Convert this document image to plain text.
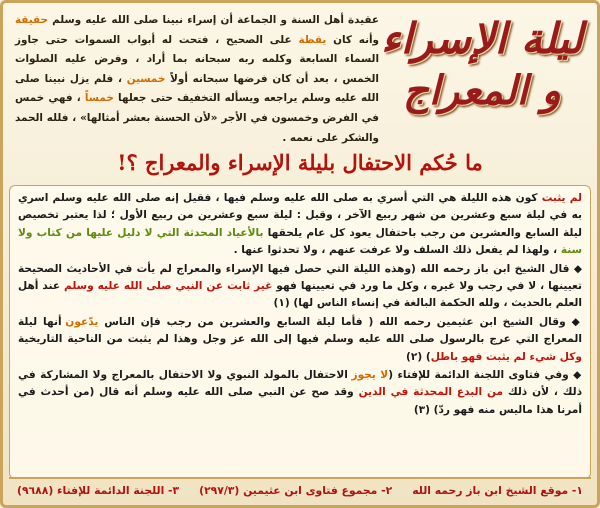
ليلة الإسراء
و المعراج
عقيدة أهل السنة و الجماعة أن إسراء نبينا صلى الله عليه وسلم حقيقة وأنه كان يقظة على الصحيح ، فتحت له أبواب السموات حتى جاوز السماء السابعة وكلمه ربه سبحانه بما أراد ، وفرض عليه الصلوات الخمس ، بعد أن كان فرضها سبحانه أولاً خمسين ، فلم يزل نبينا صلى الله عليه وسلم يراجعه ويسأله التخفيف حتى جعلها خمساً ، فهي خمس في الفرض وخمسون في الأجر «لأن الحسنة بعشر أمثالها» ، فلله الحمد والشكر على نعمه .
ما حُكم الاحتفال بليلة الإسراء والمعراج ؟!

لم يثبت كون هذه الليلة هي التي أسري به صلى الله عليه وسلم فيها ، فقيل إنه صلى الله عليه وسلم اسري به في ليلة سبع وعشرين من شهر ربيع الآخر ، وقيل : ليلة سبع وعشرين من ربيع الأول ؛ لذا يعتبر تخصيص ليلة السابع والعشرين من رجب باحتفال يعود كل عام يلحقها بالأعياد المحدثة التي لا دليل عليها من كتاب ولا سنة ، ولهذا لم يفعل ذلك السلف ولا عرفت عنهم ، ولا تحدثوا عنها .

◆ قال الشيخ ابن باز رحمه الله (وهذه الليلة التي حصل فيها الإسراء والمعراج لم يأت في الأحاديث الصحيحة تعيينها ، لا في رجب ولا غيره ، وكل ما ورد في تعيينها فهو غير ثابت عن النبي صلى الله عليه وسلم عند أهل العلم بالحديث ، ولله الحكمة البالغة في إنساء الناس لها) (١)

◆ وقال الشيخ ابن عثيمين رحمه الله ( فأما ليلة السابع والعشرين من رجب فإن الناس يدّعون أنها ليلة المعراج التي عرج بالرسول صلى الله عليه وسلم فيها إلى الله عز وجل وهذا لم يثبت من الناحية التاريخية وكل شيء لم يثبت فهو باطل) (٢)

◆ وفي فتاوى اللجنة الدائمة للإفتاء (لا يجوز الاحتفال بالمولد النبوي ولا الاحتفال بالمعراج ولا المشاركة في ذلك ، لأن ذلك من البدع المحدثة في الدين وقد صح عن النبي صلى الله عليه وسلم أنه قال (من أحدث في أمرنا هذا ماليس منه فهو ردّ) (٣)

١- موقع الشيخ ابن باز رحمه الله
٢- مجموع فتاوى ابن عثيمين (٢٩٧/٣)
٣- اللجنة الدائمة للإفتاء (٩٦٨٨)
